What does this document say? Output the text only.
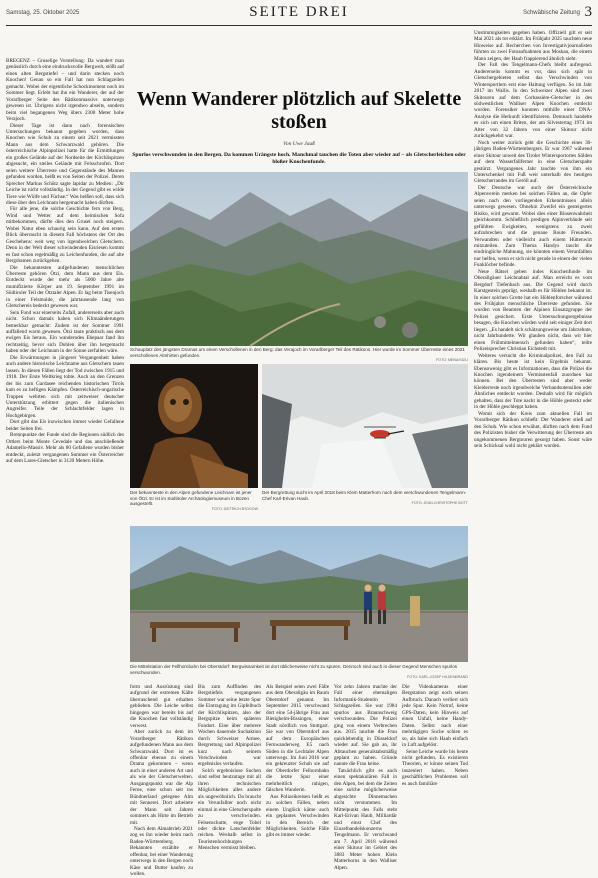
Samstag, 25. Oktober 2025	SEITE DREI	Schwäbische Zeitung 3

BREGENZ – Gruselige Vorstellung: Da wandert man genüsslich durch eine eindrucksvolle Bergwelt, stößt auf einen alten Bergstiefel – und darin stecken noch Knochen! Genau so ein Fall hat nun Schlagzeilen gemacht. Wobei der eigentliche Schockmoment noch im Sommer liegt. Erlebt hat ihn ein Wanderer, der auf der Vorarlberger Seite des Rätikonmassivs unterwegs gewesen ist. Übrigens nicht irgendwo abseits, sondern beim viel begangenen Weg übers 2300 Meter hohe Verajoch.

Dieser Tage ist dann nach forensischen Untersuchungen bekannt gegeben worden, dass Knochen wie Schuh zu einem seit 2021 vermissten Mann aus dem Schwarzwald gehören. Die österreichische Alpinpolizei hatte für die Ermittlungen ein großes Gelände auf der Nordseite der Kirchlispitzen abgesucht, ein steiles Gelände mit Felsschrofen. Dort seien weitere Überreste und Gegenstände des Mannes gefunden worden, heißt es von Seiten der Polizei. Deren Sprecher Markus Schütz sagte lapidar zu Medien: „Dir Leiche ist nicht vollständig. In der Gegend gibt es wilde Tiere wie Wölfe und Füchse.“ Was heißen soll, dass sich diese über den Leichnam hergemacht haben dürften.

Für alle jene, die solche Geschichte fern von Berg, Wind und Wetter auf dem heimischen Sofa mitbekommen, dürfte dies den Grusel noch steigern. Wobei Natur eben schaurig sein kann. Auf den ersten Blick überrascht in diesem Fall höchstens der Ort des Geschehens: weit weg von irgendwelchen Gletschern. Denn in der Welt dieser schwindenden Eisriesen kommt es fast schon regelmäßig zu Leichenfunden, die auf alte Bergdramen zurückgehen.

Die bekanntesten aufgefundenen menschlichen Überreste gehören Ötzi, dem Mann aus dem Eis. Entdeckt wurde der mehr als 5000 Jahre alte mumifizierte Körper am 19. September 1991 im Südtiroler Teil der Ötztaler Alpen. Er lag beim Tisenjoch in einer Felsmulde, die jahrtausende lang von Gletschereis bedeckt gewesen war.

Sein Fund war einerseits Zufall, andererseits aber auch nicht. Schon damals haben sich Klimaänderungen bemerkbar gemacht: Zudem ist der Sommer 1991 auffallend warm gewesen. Ötzi taute praktisch aus dem ewigen Eis heraus. Ein wanderndes Ehepaar fand ihn rechtzeitig, bevor sich Dohlen über ihn hergemacht haben oder der Leichnam in der Sonne zerfallen wäre.

Die Erwärmungen in jüngerer Vergangenheit haben auch andere historische Leichname aus Gletschern tauen lassen. In diesen Fällen liegt der Tod zwischen 1915 und 1918. Der Erste Weltkrieg tobte. Auch an den Grenzen der bis zum Gardasee reichenden historischen Tirols kam es zu heftigen Kämpfen. Österreichisch-ungarische Truppen wehrten sich mit zeitweiser deutscher Unterstützung erbittert gegen die italienischen Angreifer. Teile der Schlachtfelder lagen in Hochgebirgen.

Dort gibt das Eis inzwischen immer wieder Gefallene beider Seiten frei.

Brennpunkte der Funde sind die Regionen südlich des Ortlers beim Monte Cevedale und das anschließende Adamello-Massiv. Mehr als 80 Gefallene wurden bisher entdeckt, zuletzt vergangenen Sommer ein Österreicher auf dem Lares-Gletscher in 3120 Metern Höhe.

Wenn Wanderer plötzlich auf Skelette stoßen
Von Uwe Jauß
Spurlos verschwunden in den Bergen. Da kommen Urängste hoch. Manchmal tauchen die Toten aber wieder auf – als Gletscherleichen oder bloßer Knochenfunde.
Schauplatz des jüngsten Dramas um einen Verschollenen in den Berg: das Verajoch im Vorarlberger Teil des Rätikons. Hier wurde im Sommer Überreste eines 2021 verschollenen Almhirten gefunden.
FOTO: MENA/SIZLI
Der bekannteste in den Alpen gefundene Leichnam ist jener von Ötzi. Er ist im Südtiroler Archäologiemuseum in Bozen ausgestellt.
FOTO: DIETRICH BYDGOW
Der Bergrettung sucht im April 2018 beim Klein Matterhorn nach dem verschwundenen Tengelmann-Chef Karl-Erivan Haub.
FOTO: JEAN-CHRISTOPHE BOTT
Die Mittelstation der Fellhornbahn bei Oberstdorf: Bergwissamkeit ist dort üblicherweise nicht zu spüren. Dennoch sind auch in dieser Gegend Menschen spurlos verschwunden.
FOTO: KARL-JOSEF HILDENBRAND

form und Ausrüstung sind aufgrund der extremen Kälte überraschend gut erhalten geblieben. Die Leiche selbst hingegen war bereits bis auf die Knochen fast vollständig verwest.

Aber zurück zu dem im Vorarlberger Rätikon aufgefundenen Mann aus dem Schwarzwald. Dort ist es offenbar ebenso zu einem Drama gekommen – wenn auch in einer anderen Art und als wie der Gletscherwelten. Ausgangspunkt war die Alp Ferne, eine schon seit ins Bündnerland gelegene Alm mit Sennerei. Dort arbeitete der Mann seit Jahren sommers als Hirte im Betrieb mit.

Nach dem Almabtrieb 2021 zog es ihn wieder heim nach Baden-Württemberg. Bekannten erzählte er offenbar, bei einer Wanderung unterwegs in den Bergen noch Käse und Butter kaufen zu wollen.

Bis zum Auffinden des Bergstiefels vergangenen Sommer war seine letzte Spur die Eintragung im Gipfelbuch der Kirchlispitzen, also der Bergspitze beim späteren Fundort. Eine über mehrere Wochen dauernde Suchaktion durch Schweizer Armee, Bergrettung und Alpinpolizei kurz nach seinem Verschwinden war ergebnislos verlaufen.

Solch ergebnislose Suchen sind selbst heutzutage mit all ihren technischen Möglichkeiten alles andere als ungewöhnlich. Da braucht ein Verunfallter noch nicht einmal in eine Gletscherspalte zu verschwinden. Felsenschutte, enge Tobel oder dichte Latschenfelder reichen. Weshalb selbst in Touristenhochburgen Menschen vermisst bleiben.

Als Beispiel seien zwei Fälle aus dem Oberallgäu im Raum Oberstdorf genannt. Im September 2015 verschwand dort eine 54-jährige Frau aus Bietigheim-Bissingen, einer Stadt nördlich von Stuttgart. Sie war von Oberstdorf aus auf dem Europäischen Fernwanderweg E5 nach Süden in die Lechtaler Alpen unterwegs. Im Juni 2016 war ein gekreuzter Schuh sie auf der Oberdorfer Felhornbahn die letzte Spur einer mehrheitlich ruhigen, fälschen Wanderin.

Aus Polizeikreisen heißt es zu solchen Fällen, neben einem Unglück käme auch ein geplantes Verschwinden in den Bereich der Möglichkeiten. Solche Fälle gibt es immer wieder.

Vor zehn Jahren machte der Fall einer ehemaligen Informatik-Studentin Schlagzeilen. Sie war 1984 spurlos aus Braunschweig verschwunden. Die Polizei ging von einem Verbrechen aus. 2015 tauchte die Frau quicklebendig in Düsseldorf wieder auf. Sie gab an, ihr Abtauchen generalstabsmäßig geplant zu haben. Gründe nannte die Frau keine.

Tatsächlich gibt es auch einen spektakulären Fall in den Alpen, bei dem die Zeiten eine solche möglicherweise abgesichte Dinnemachen nicht verstummen. Im Mittelpunkt des Falls steht Karl-Erivan Haub, Milliardär und einst Chef des Einzelhandelskonzerns Tengelmann. Er verschwand am 7. April 2018 während einer Skitour im Gebiet des 3883 Meter hohen Klein Matterhorns in den Walliser Alpen.

Die Videokameras einer Bergstation zeigt noch seinen Aufbruch. Danach verliert sich jede Spur. Kein Notruf, keine GPS-Daten, kein Hinweis auf einen Unfall, keine Handy-Daten. Selbst nach einer mehrtägigen Suche schien es so, als habe sich Haub einfach in Luft aufgelöst.

Seine Leiche wurde bis heute nicht gefunden. Es existieren Theorien, er könne seinen Tod inszeniert haben. Neben geschäftlichen Problemen soll es auch familiäre

Unstimmigkeiten gegeben haben. Offiziell gilt er seit Mai 2021 als tot erklärt. Im Frühjahr 2025 tauchten neue Hinweise auf. Recherchen von Investigativjournalisten führten zu zwei Fotoaufnahmen aus Moskau, die einem Mann zeigen, der Haub frappierend ähnlich sieht.

Der Fall des Tengelmann-Chefs bleibt aufregend. Andererseits kommt es vor, dass sich spät in Gletschergebieten selbst das Verschwinden von Wintersportlern erst eine Haltung verfügen. So im Jahr 2017 im Wallis. In den Schweizer Alpen sind zwei Skitouren auf dem Corbassière-Gletscher in des südwestlichen Walliser Alpen Knochen entdeckt worden. Forensiker konnten mithilfe einer DNA-Analyse die Herkunft identifizieren. Demnach handelte es sich um einen Briten, der am Silvestertag 1974 im Alter von 32 Jahren von einer Skitour nicht zurückgekehrt war.

Noch weiter zurück geht die Geschichte eines 30-jährigen Baden-Württembergers. Er war 1967 während einer Skitour unweit des Tiroler Wintersportortes Sölden auf dem Wasserfallferner in eine Gletscherspalte gestürzt. Vergangenes Jahr tauchte von ihm ein Unterschenkel mit Fuß weit unterhalb des heutigen Gletscherrandes im Geröll auf.

Der Deutsche war auch der Österreichische Alpenverein merken bei solchen Fällen an, die Opfer seien nach den vorliegenden Erkenntnissen allein unterwegs gewesen. Ohnehin Zweifel ein gesteigertes Risiko, wird gewarnt. Wobei dies einer Binsenwahrheit gleichkommt. Schließlich predigen Alpinverbände seit gefühlten Ewigkeiten, wenigstens zu zweit aufzubrechen und die genaue Route Freunden. Verwandten oder vielleicht auch einem Hüttenwirt mitzuteilen. Zum Thema Handys taucht die eindringliche Mahnung, sie könnten einem Verunfallten nur helfen, wenn er sich nicht gerade in einem der vielen Funklöcher befinde.

Neue Rätsel geben indes Knochenfunde im Oberallgäuer Leichnahtal auf. Man erreicht es vom Bergdorf Tiefenbach aus. Die Gegend wird durch Karstgestein geprägt, weshalb es für Höhlen bekannt ist. In einer solchen Grotte hat ein Höhlenforscher während des Frühjahrs menschliche Überreste gefunden. Sie wurden von Beamten der Alpinen Einsatzgruppe der Polizei gesichert. Erste Untersuchungsergebnisse besagen, die Knochen würden wohl seit einiger Zeit dort liegen. „Es handelt sich schätzungsweise um Jahrzehnte, nicht Jahrhunderte. Wir glauben nicht, dass wir hier einen Frühmittelmensch gefunden haben“, teilte Polizeisprecher Christian Eichstedt mit.

Weiteres versucht die Kriminalpolizei, den Fall zu klären. Bis heute ist kein Ergebnis bekannt. Ebensowenig gibt es Informationen, dass die Polizei die Knochen irgendeinem Vermisstenfall zuordnen hat können. Bei den Überresten sind aber weder Kleiderreste noch irgendwelche Verbandsutensilien oder Ähnliches entdeckt worden. Deshalb wird für möglich gehalten, dass der Tote nackt in die Höhle gesteckt oder in der Höhle geschleppt haben.

Womit sich der Kreis zum aktuellen Fall im Vorarlberger Rätikon schließt: Der Wanderer stieß auf den Schuh. Wie schon erwähnt, dürften nach dem Fund des Polizisten bisher die Verwitterung der Überreste am ungekommenen Bergtouren gesorgt haben. Sonst wäre sein Schicksal wohl nicht geklärt worden.
